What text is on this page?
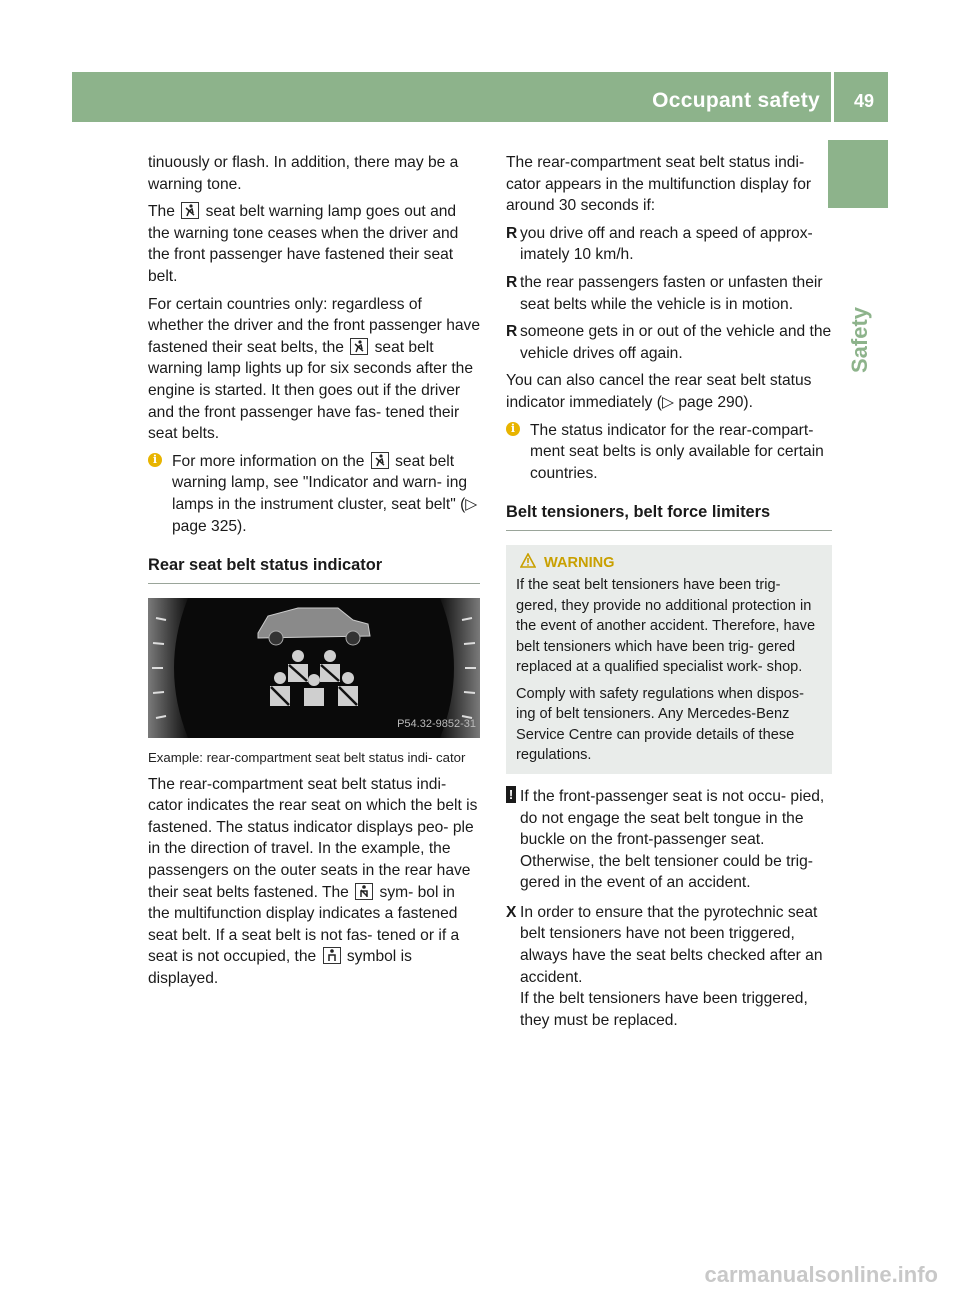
Occupant safety 49
Safety

tinuously or flash. In addition, there may be a warning tone.

The seat belt warning lamp goes out and the warning tone ceases when the driver and the front passenger have fastened their seat belt.

For certain countries only: regardless of whether the driver and the front passenger have fastened their seat belts, the seat belt warning lamp lights up for six seconds after the engine is started. It then goes out if the driver and the front passenger have fas- tened their seat belts.

i For more information on the seat belt warning lamp, see "Indicator and warn- ing lamps in the instrument cluster, seat belt" (▷ page 325).
Rear seat belt status indicator
P54.32-9852-31

Example: rear-compartment seat belt status indi- cator

The rear-compartment seat belt status indi- cator indicates the rear seat on which the belt is fastened. The status indicator displays peo- ple in the direction of travel. In the example, the passengers on the outer seats in the rear have their seat belts fastened. The sym- bol in the multifunction display indicates a fastened seat belt. If a seat belt is not fas- tened or if a seat is not occupied, the symbol is displayed.

The rear-compartment seat belt status indi- cator appears in the multifunction display for around 30 seconds if:

R you drive off and reach a speed of approx- imately 10 km/h.
R the rear passengers fasten or unfasten their seat belts while the vehicle is in motion.
R someone gets in or out of the vehicle and the vehicle drives off again.

You can also cancel the rear seat belt status indicator immediately (▷ page 290).

i The status indicator for the rear-compart- ment seat belts is only available for certain countries.
Belt tensioners, belt force limiters
WARNING

If the seat belt tensioners have been trig- gered, they provide no additional protection in the event of another accident. Therefore, have belt tensioners which have been trig- gered replaced at a qualified specialist work- shop.

Comply with safety regulations when dispos- ing of belt tensioners. Any Mercedes-Benz Service Centre can provide details of these regulations.

! If the front-passenger seat is not occu- pied, do not engage the seat belt tongue in the buckle on the front-passenger seat. Otherwise, the belt tensioner could be trig- gered in the event of an accident.
X In order to ensure that the pyrotechnic seat belt tensioners have not been triggered, always have the seat belts checked after an accident.
If the belt tensioners have been triggered, they must be replaced.
carmanualsonline.info
